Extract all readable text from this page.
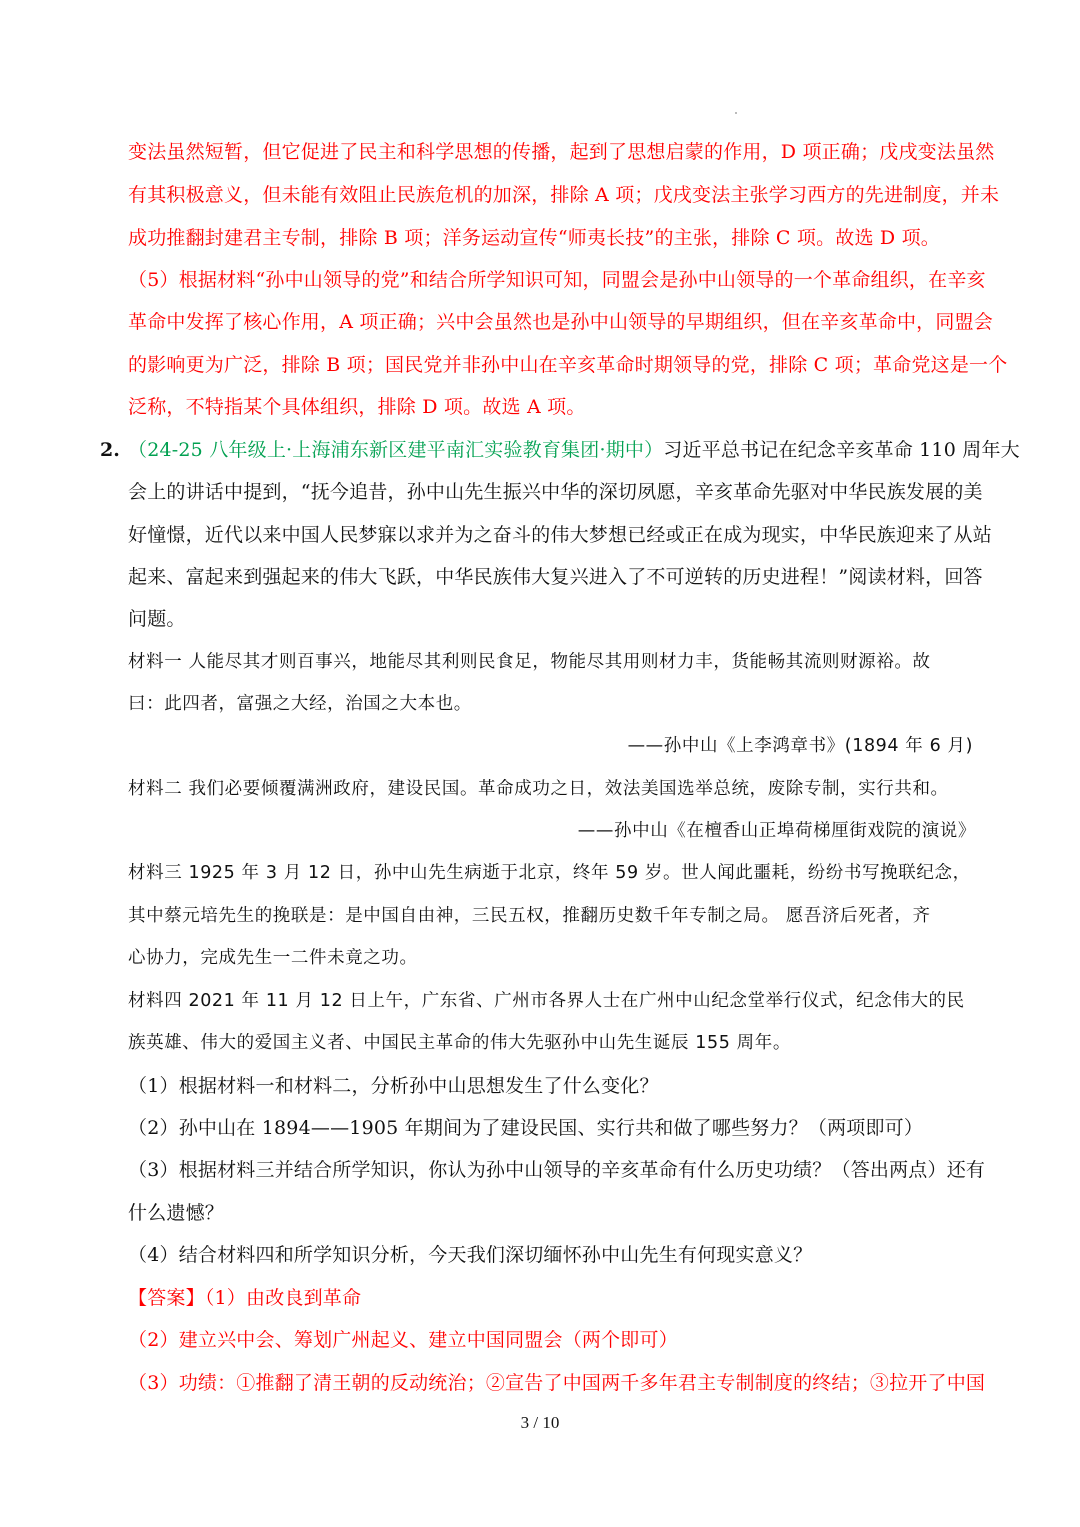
变法虽然短暂，但它促进了民主和科学思想的传播，起到了思想启蒙的作用，D 项正确；戊戌变法虽然
有其积极意义，但未能有效阻止民族危机的加深，排除 A 项；戊戌变法主张学习西方的先进制度，并未
成功推翻封建君主专制，排除 B 项；洋务运动宣传“师夷长技”的主张，排除 C 项。故选 D 项。
（5）根据材料“孙中山领导的党”和结合所学知识可知，同盟会是孙中山领导的一个革命组织，在辛亥
革命中发挥了核心作用，A 项正确；兴中会虽然也是孙中山领导的早期组织，但在辛亥革命中，同盟会
的影响更为广泛，排除 B 项；国民党并非孙中山在辛亥革命时期领导的党，排除 C 项；革命党这是一个
泛称，不特指某个具体组织，排除 D 项。故选 A 项。
2. （24-25 八年级上·上海浦东新区建平南汇实验教育集团·期中）习近平总书记在纪念辛亥革命 110 周年大
会上的讲话中提到，“抚今追昔，孙中山先生振兴中华的深切夙愿，辛亥革命先驱对中华民族发展的美
好憧憬，近代以来中国人民梦寐以求并为之奋斗的伟大梦想已经或正在成为现实，中华民族迎来了从站
起来、富起来到强起来的伟大飞跃，中华民族伟大复兴进入了不可逆转的历史进程！”阅读材料，回答
问题。
材料一 人能尽其才则百事兴，地能尽其利则民食足，物能尽其用则材力丰，货能畅其流则财源裕。故
曰：此四者，富强之大经，治国之大本也。
——孙中山《上李鸿章书》(1894 年 6 月)
材料二 我们必要倾覆满洲政府，建设民国。革命成功之日，效法美国选举总统，废除专制，实行共和。
——孙中山《在檀香山正埠荷梯厘街戏院的演说》
材料三 1925 年 3 月 12 日，孙中山先生病逝于北京，终年 59 岁。世人闻此噩耗，纷纷书写挽联纪念，
其中蔡元培先生的挽联是：是中国自由神，三民五权，推翻历史数千年专制之局。 愿吾济后死者，齐
心协力，完成先生一二件未竟之功。
材料四 2021 年 11 月 12 日上午，广东省、广州市各界人士在广州中山纪念堂举行仪式，纪念伟大的民
族英雄、伟大的爱国主义者、中国民主革命的伟大先驱孙中山先生诞辰 155 周年。
（1）根据材料一和材料二，分析孙中山思想发生了什么变化？
（2）孙中山在 1894——1905 年期间为了建设民国、实行共和做了哪些努力？（两项即可）
（3）根据材料三并结合所学知识，你认为孙中山领导的辛亥革命有什么历史功绩？（答出两点）还有
什么遗憾？
（4）结合材料四和所学知识分析，今天我们深切缅怀孙中山先生有何现实意义？
【答案】（1）由改良到革命
（2）建立兴中会、筹划广州起义、建立中国同盟会（两个即可）
（3）功绩：①推翻了清王朝的反动统治；②宣告了中国两千多年君主专制制度的终结；③拉开了中国
3 / 10
